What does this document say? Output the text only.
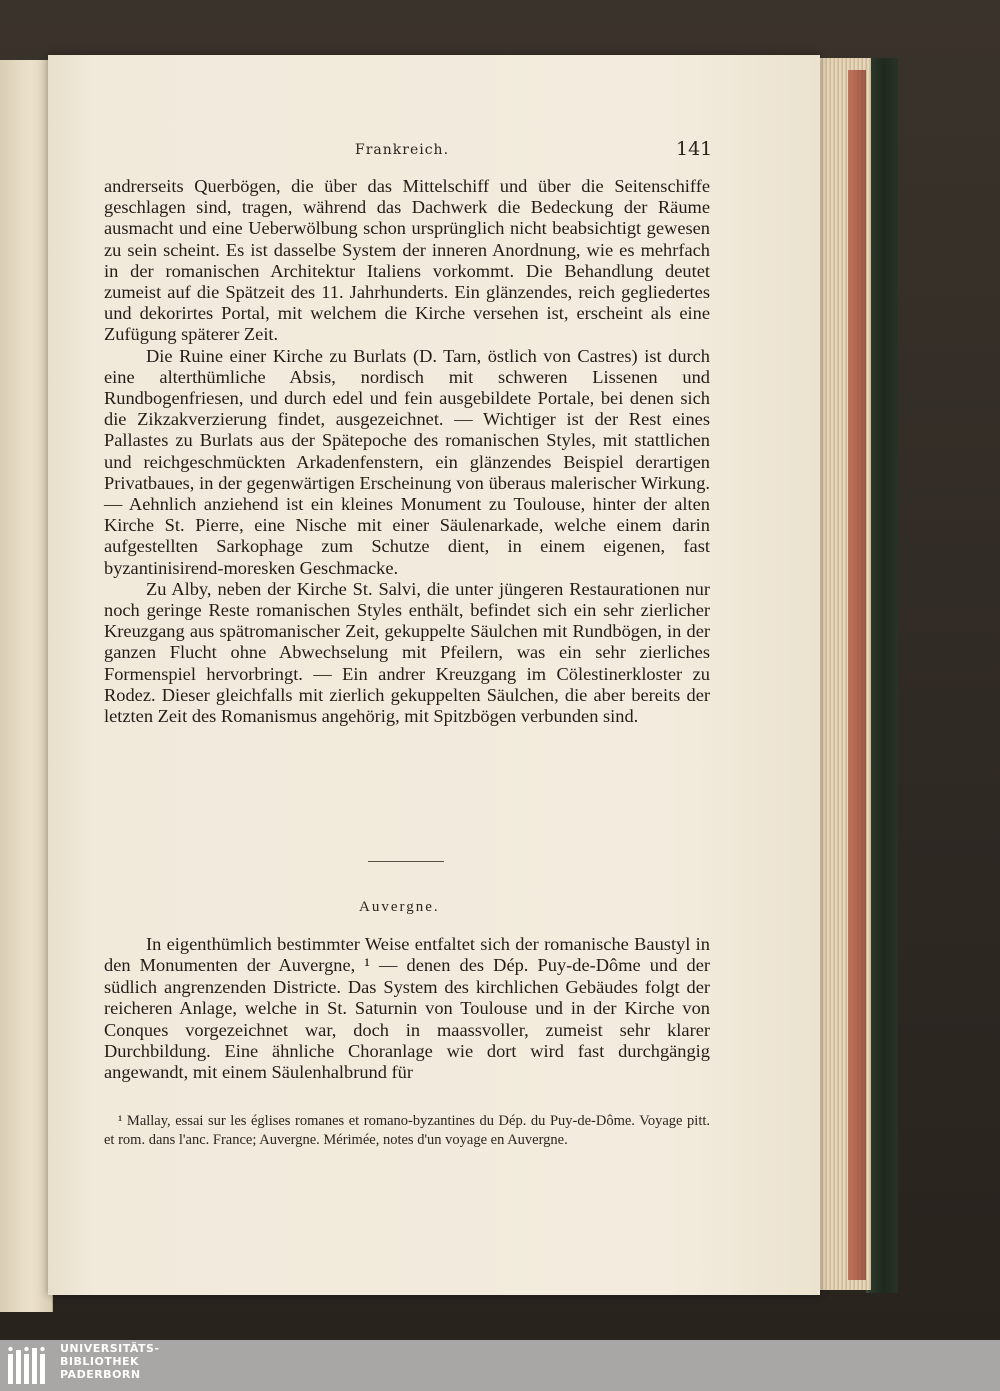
Frankreich.	141

andrerseits Querbögen, die über das Mittelschiff und über die Seitenschiffe geschlagen sind, tragen, während das Dachwerk die Bedeckung der Räume ausmacht und eine Ueberwölbung schon ursprünglich nicht beabsichtigt gewesen zu sein scheint. Es ist dasselbe System der inneren Anordnung, wie es mehrfach in der romanischen Architektur Italiens vorkommt. Die Behandlung deutet zumeist auf die Spätzeit des 11. Jahrhunderts. Ein glänzendes, reich gegliedertes und dekorirtes Portal, mit welchem die Kirche versehen ist, erscheint als eine Zufügung späterer Zeit.

Die Ruine einer Kirche zu Burlats (D. Tarn, östlich von Castres) ist durch eine alterthümliche Absis, nordisch mit schweren Lissenen und Rundbogenfriesen, und durch edel und fein ausgebildete Portale, bei denen sich die Zikzakverzierung findet, ausgezeichnet. — Wichtiger ist der Rest eines Pallastes zu Burlats aus der Spätepoche des romanischen Styles, mit stattlichen und reichgeschmückten Arkadenfenstern, ein glänzendes Beispiel derartigen Privatbaues, in der gegenwärtigen Erscheinung von überaus malerischer Wirkung. — Aehnlich anziehend ist ein kleines Monument zu Toulouse, hinter der alten Kirche St. Pierre, eine Nische mit einer Säulenarkade, welche einem darin aufgestellten Sarkophage zum Schutze dient, in einem eigenen, fast byzantinisirend-moresken Geschmacke.

Zu Alby, neben der Kirche St. Salvi, die unter jüngeren Restaurationen nur noch geringe Reste romanischen Styles enthält, befindet sich ein sehr zierlicher Kreuzgang aus spätromanischer Zeit, gekuppelte Säulchen mit Rundbögen, in der ganzen Flucht ohne Abwechselung mit Pfeilern, was ein sehr zierliches Formenspiel hervorbringt. — Ein andrer Kreuzgang im Cölestinerkloster zu Rodez. Dieser gleichfalls mit zierlich gekuppelten Säulchen, die aber bereits der letzten Zeit des Romanismus angehörig, mit Spitzbögen verbunden sind.

Auvergne.

In eigenthümlich bestimmter Weise entfaltet sich der romanische Baustyl in den Monumenten der Auvergne, ¹ — denen des Dép. Puy-de-Dôme und der südlich angrenzenden Districte. Das System des kirchlichen Gebäudes folgt der reicheren Anlage, welche in St. Saturnin von Toulouse und in der Kirche von Conques vorgezeichnet war, doch in maassvoller, zumeist sehr klarer Durchbildung. Eine ähnliche Choranlage wie dort wird fast durchgängig angewandt, mit einem Säulenhalbrund für

¹ Mallay, essai sur les églises romanes et romano-byzantines du Dép. du Puy-de-Dôme. Voyage pitt. et rom. dans l'anc. France; Auvergne. Mérimée, notes d'un voyage en Auvergne.

UNIVERSITÄTS-
BIBLIOTHEK
PADERBORN
